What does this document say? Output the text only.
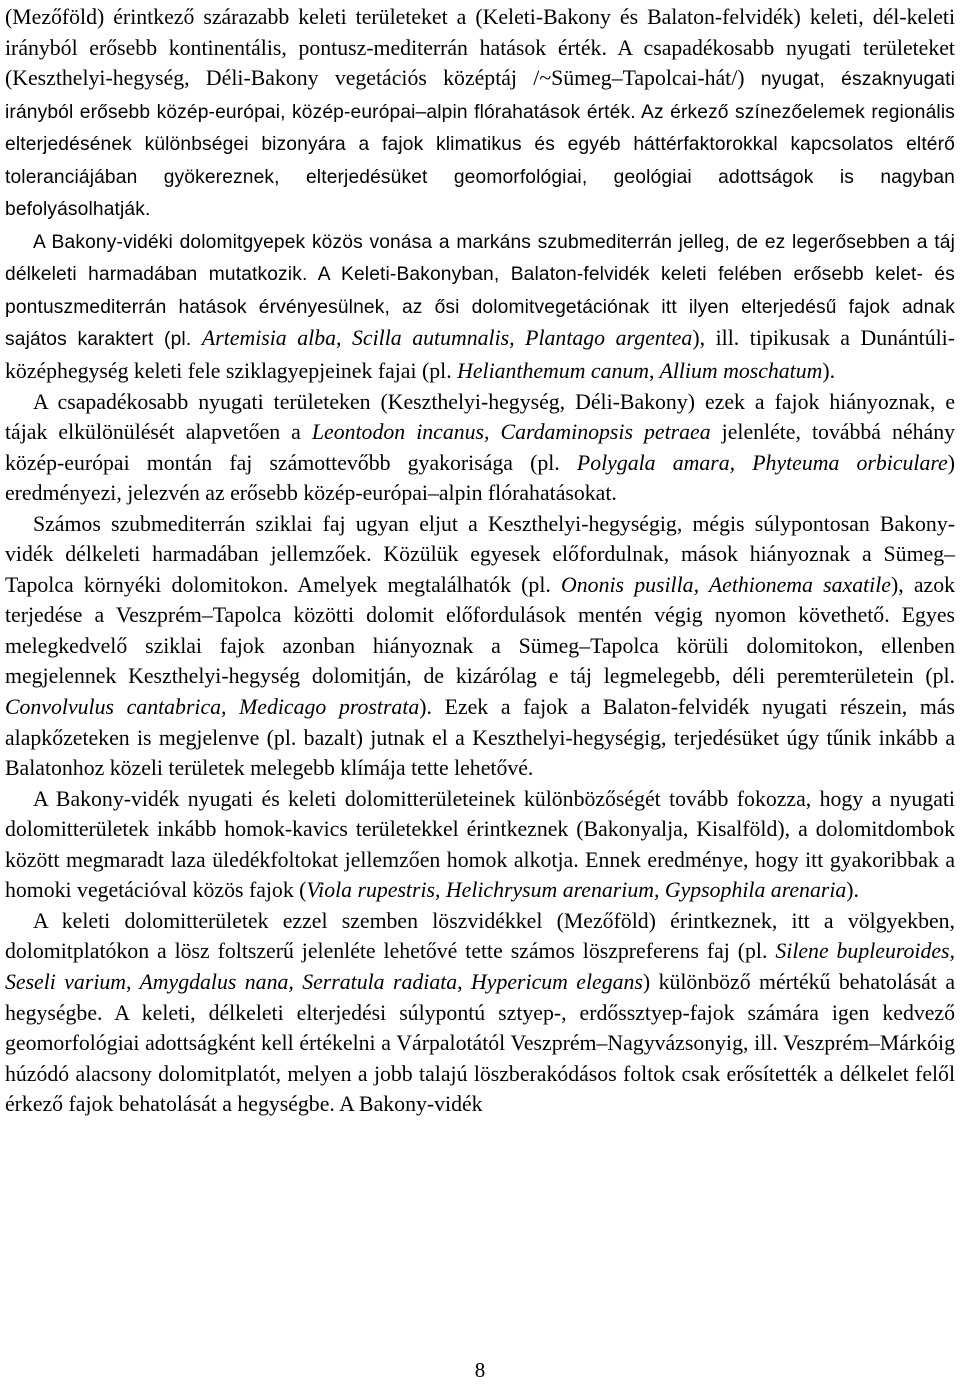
(Mezőföld) érintkező szárazabb keleti területeket a (Keleti-Bakony és Balaton-felvidék) keleti, dél-keleti irányból erősebb kontinentális, pontusz-mediterrán hatások érték. A csapadékosabb nyugati területeket (Keszthelyi-hegység, Déli-Bakony vegetációs középtáj /~Sümeg–Tapolcai-hát/) nyugat, északnyugati irányból erősebb közép-európai, közép-európai–alpin flórahatások érték. Az érkező színezőelemek regionális elterjedésének különbségei bizonyára a fajok klimatikus és egyéb háttérfaktorokkal kapcsolatos eltérő toleranciájában gyökereznek, elterjedésüket geomorfológiai, geológiai adottságok is nagyban befolyásolhatják.

A Bakony-vidéki dolomitgyepek közös vonása a markáns szubmediterrán jelleg, de ez legerősebben a táj délkeleti harmadában mutatkozik. A Keleti-Bakonyban, Balaton-felvidék keleti felében erősebb kelet- és pontuszmediterrán hatások érvényesülnek, az ősi dolomitvegetációnak itt ilyen elterjedésű fajok adnak sajátos karaktert (pl. Artemisia alba, Scilla autumnalis, Plantago argentea), ill. tipikusak a Dunántúli-középhegység keleti fele sziklagyepjeinek fajai (pl. Helianthemum canum, Allium moschatum).

A csapadékosabb nyugati területeken (Keszthelyi-hegység, Déli-Bakony) ezek a fajok hiányoznak, e tájak elkülönülését alapvetően a Leontodon incanus, Cardaminopsis petraea jelenléte, továbbá néhány közép-európai montán faj számottevőbb gyakorisága (pl. Polygala amara, Phyteuma orbiculare) eredményezi, jelezvén az erősebb közép-európai–alpin flórahatásokat.

Számos szubmediterrán sziklai faj ugyan eljut a Keszthelyi-hegységig, mégis súlypontosan Bakony-vidék délkeleti harmadában jellemzőek. Közülük egyesek előfordulnak, mások hiányoznak a Sümeg–Tapolca környéki dolomitokon. Amelyek megtalálhatók (pl. Ononis pusilla, Aethionema saxatile), azok terjedése a Veszprém–Tapolca közötti dolomit előfordulások mentén végig nyomon követhető. Egyes melegkedvelő sziklai fajok azonban hiányoznak a Sümeg–Tapolca körüli dolomitokon, ellenben megjelennek Keszthelyi-hegység dolomitján, de kizárólag e táj legmelegebb, déli peremterületein (pl. Convolvulus cantabrica, Medicago prostrata). Ezek a fajok a Balaton-felvidék nyugati részein, más alapkőzeteken is megjelenve (pl. bazalt) jutnak el a Keszthelyi-hegységig, terjedésüket úgy tűnik inkább a Balatonhoz közeli területek melegebb klímája tette lehetővé.

A Bakony-vidék nyugati és keleti dolomitterületeinek különbözőségét tovább fokozza, hogy a nyugati dolomitterületek inkább homok-kavics területekkel érintkeznek (Bakonyalja, Kisalföld), a dolomitdombok között megmaradt laza üledékfoltokat jellemzően homok alkotja. Ennek eredménye, hogy itt gyakoribbak a homoki vegetációval közös fajok (Viola rupestris, Helichrysum arenarium, Gypsophila arenaria).

A keleti dolomitterületek ezzel szemben löszvidékkel (Mezőföld) érintkeznek, itt a völgyekben, dolomitplatókon a lösz foltszerű jelenléte lehetővé tette számos löszpreferens faj (pl. Silene bupleuroides, Seseli varium, Amygdalus nana, Serratula radiata, Hypericum elegans) különböző mértékű behatolását a hegységbe. A keleti, délkeleti elterjedési súlypontú sztyep-, erdőssztyep-fajok számára igen kedvező geomorfológiai adottságként kell értékelni a Várpalotától Veszprém–Nagyvázsonyig, ill. Veszprém–Márkóig húzódó alacsony dolomitplatót, melyen a jobb talajú löszberakódásos foltok csak erősítették a délkelet felől érkező fajok behatolását a hegységbe. A Bakony-vidék

8
